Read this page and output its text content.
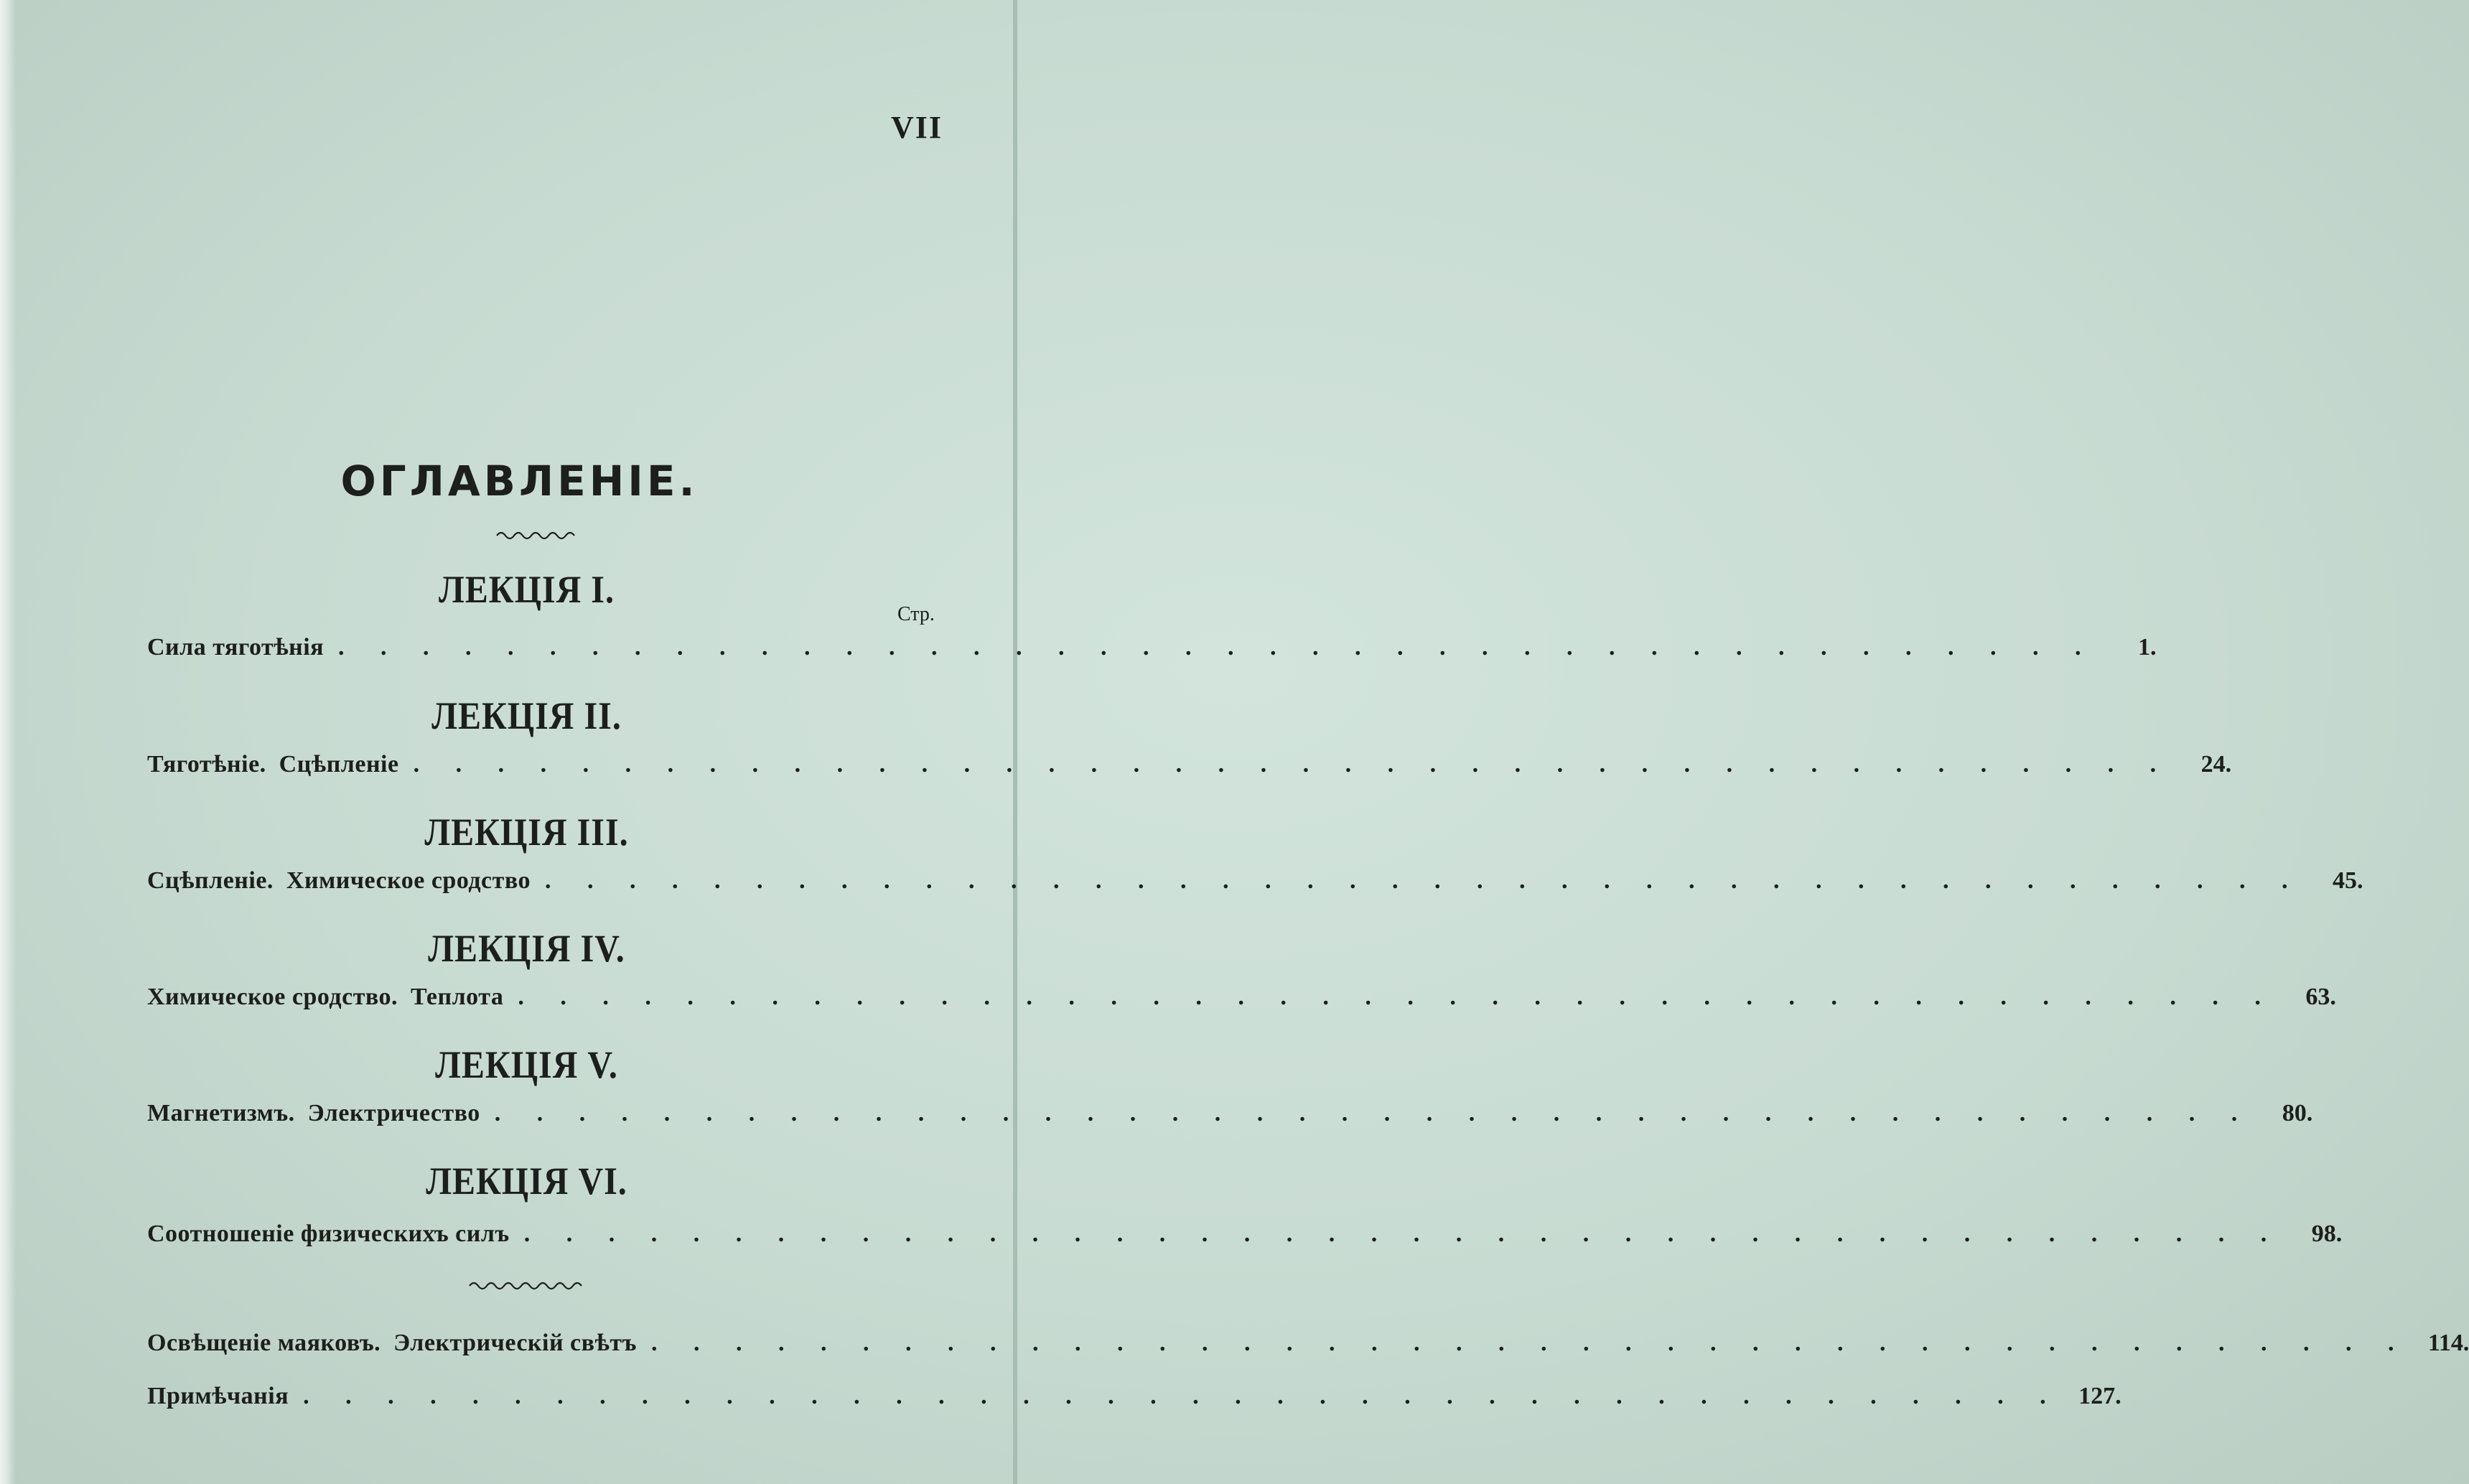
VII
ОГЛАВЛЕНІЕ.
ЛЕКЦІЯ I.
Стр.
Сила тяготѣнія . . . . . . . . . . . . . . . . . . . . . . . . . . . . . . . . . . . . . . . . . .	1.
ЛЕКЦІЯ II.
Тяготѣніе.  Сцѣпленіе . . . . . . . . . . . . . . . . . . . . . . . . . . . . . . . . . . . . . . . . . .	24.
ЛЕКЦІЯ III.
Сцѣпленіе.  Химическое сродство . . . . . . . . . . . . . . . . . . . . . . . . . . . . . . . . . . . . . . . . . .	45.
ЛЕКЦІЯ IV.
Химическое сродство.  Теплота . . . . . . . . . . . . . . . . . . . . . . . . . . . . . . . . . . . . . . . . . .	63.
ЛЕКЦІЯ V.
Магнетизмъ.  Электричество . . . . . . . . . . . . . . . . . . . . . . . . . . . . . . . . . . . . . . . . . .	80.
ЛЕКЦІЯ VI.
Соотношеніе физическихъ силъ . . . . . . . . . . . . . . . . . . . . . . . . . . . . . . . . . . . . . . . . . .	98.
Освѣщеніе маяковъ.  Электрическій свѣтъ . . . . . . . . . . . . . . . . . . . . . . . . . . . . . . . . . . . . . . . . . . 114.
Примѣчанія . . . . . . . . . . . . . . . . . . . . . . . . . . . . . . . . . . . . . . . . . . 127.
